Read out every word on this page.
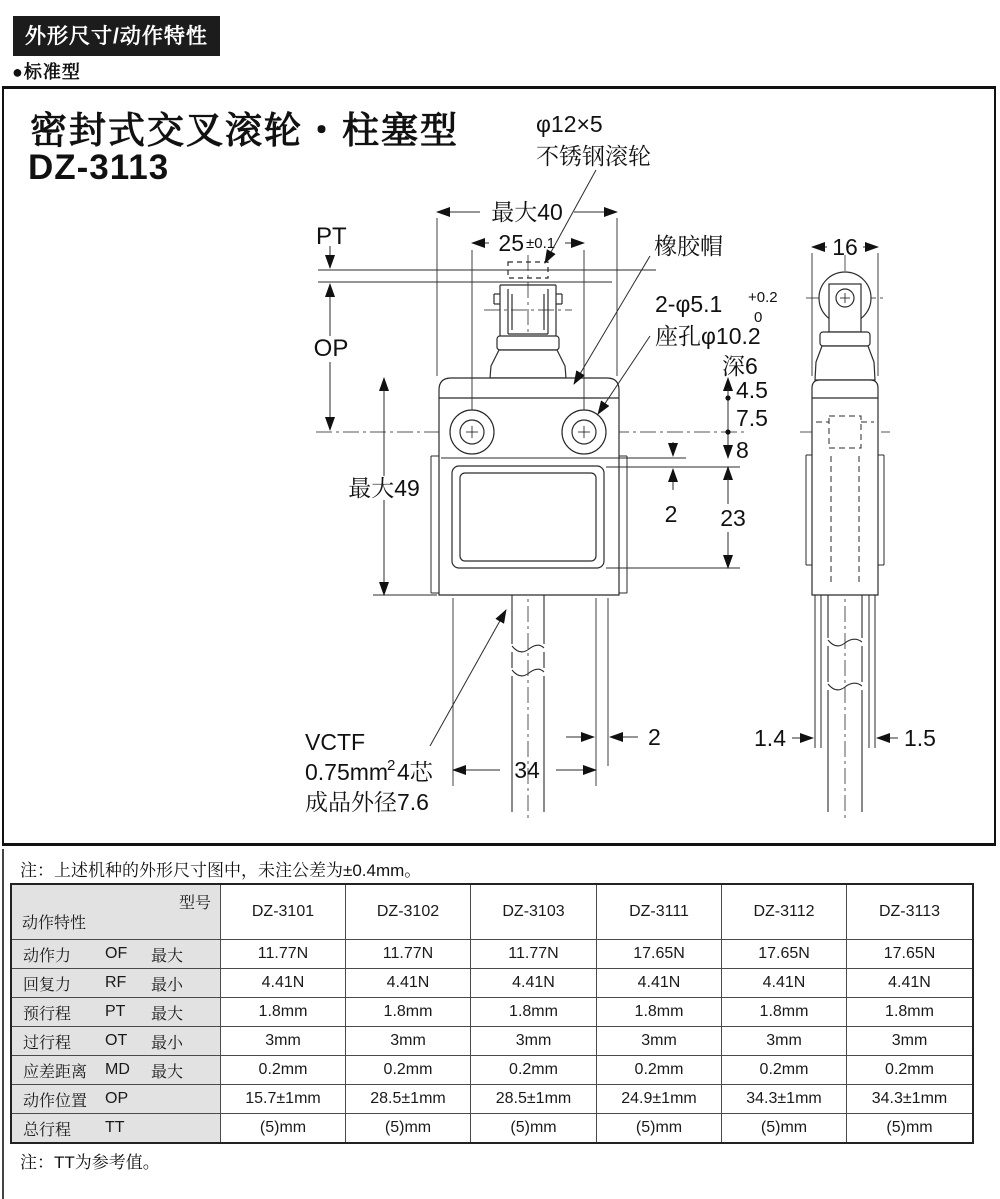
外形尺寸/动作特性
●标准型
密封式交叉滚轮・柱塞型
DZ-3113
φ12×5
不锈钢滚轮
橡胶帽
2-φ5.1 +0.2
0
座孔φ10.2
深6
VCTF
0.75mm
2 4芯
成品外径7.6
PT
OP
最大40
25 ±0.1	16
最大49
4.5
7.5
8
23
2
34
2	1.4	1.5
注：上述机种的外形尺寸图中，未注公差为±0.4mm。
型号
动作特性	DZ-3101	DZ-3102	DZ-3103	DZ-3111	DZ-3112	DZ-3113

动作力 OF 最大	11.77N	11.77N	11.77N	17.65N	17.65N	17.65N

回复力 RF 最小	4.41N	4.41N	4.41N	4.41N	4.41N	4.41N

预行程 PT 最大	1.8mm	1.8mm	1.8mm	1.8mm	1.8mm	1.8mm

过行程 OT 最小	3mm	3mm	3mm	3mm	3mm	3mm

应差距离 MD 最大	0.2mm	0.2mm	0.2mm	0.2mm	0.2mm	0.2mm

动作位置 OP	15.7±1mm	28.5±1mm	28.5±1mm	24.9±1mm	34.3±1mm	34.3±1mm

总行程 TT	(5)mm	(5)mm	(5)mm	(5)mm	(5)mm	(5)mm
注：TT为参考值。
